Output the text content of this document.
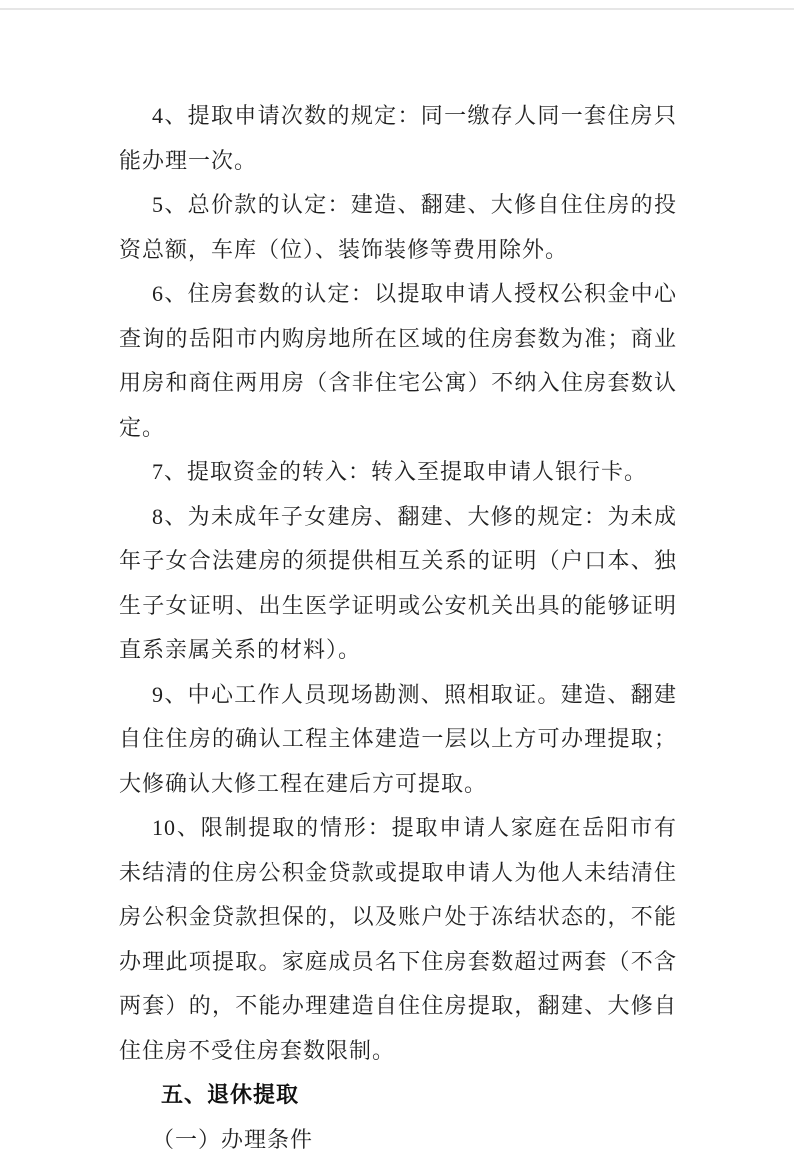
4、提取申请次数的规定：同一缴存人同一套住房只能办理一次。

5、总价款的认定：建造、翻建、大修自住住房的投资总额，车库（位）、装饰装修等费用除外。

6、住房套数的认定：以提取申请人授权公积金中心查询的岳阳市内购房地所在区域的住房套数为准；商业用房和商住两用房（含非住宅公寓）不纳入住房套数认定。

7、提取资金的转入：转入至提取申请人银行卡。

8、为未成年子女建房、翻建、大修的规定：为未成年子女合法建房的须提供相互关系的证明（户口本、独生子女证明、出生医学证明或公安机关出具的能够证明直系亲属关系的材料）。

9、中心工作人员现场勘测、照相取证。建造、翻建自住住房的确认工程主体建造一层以上方可办理提取；大修确认大修工程在建后方可提取。

10、限制提取的情形：提取申请人家庭在岳阳市有未结清的住房公积金贷款或提取申请人为他人未结清住房公积金贷款担保的，以及账户处于冻结状态的，不能办理此项提取。家庭成员名下住房套数超过两套（不含两套）的，不能办理建造自住住房提取，翻建、大修自住住房不受住房套数限制。

五、退休提取

（一）办理条件
